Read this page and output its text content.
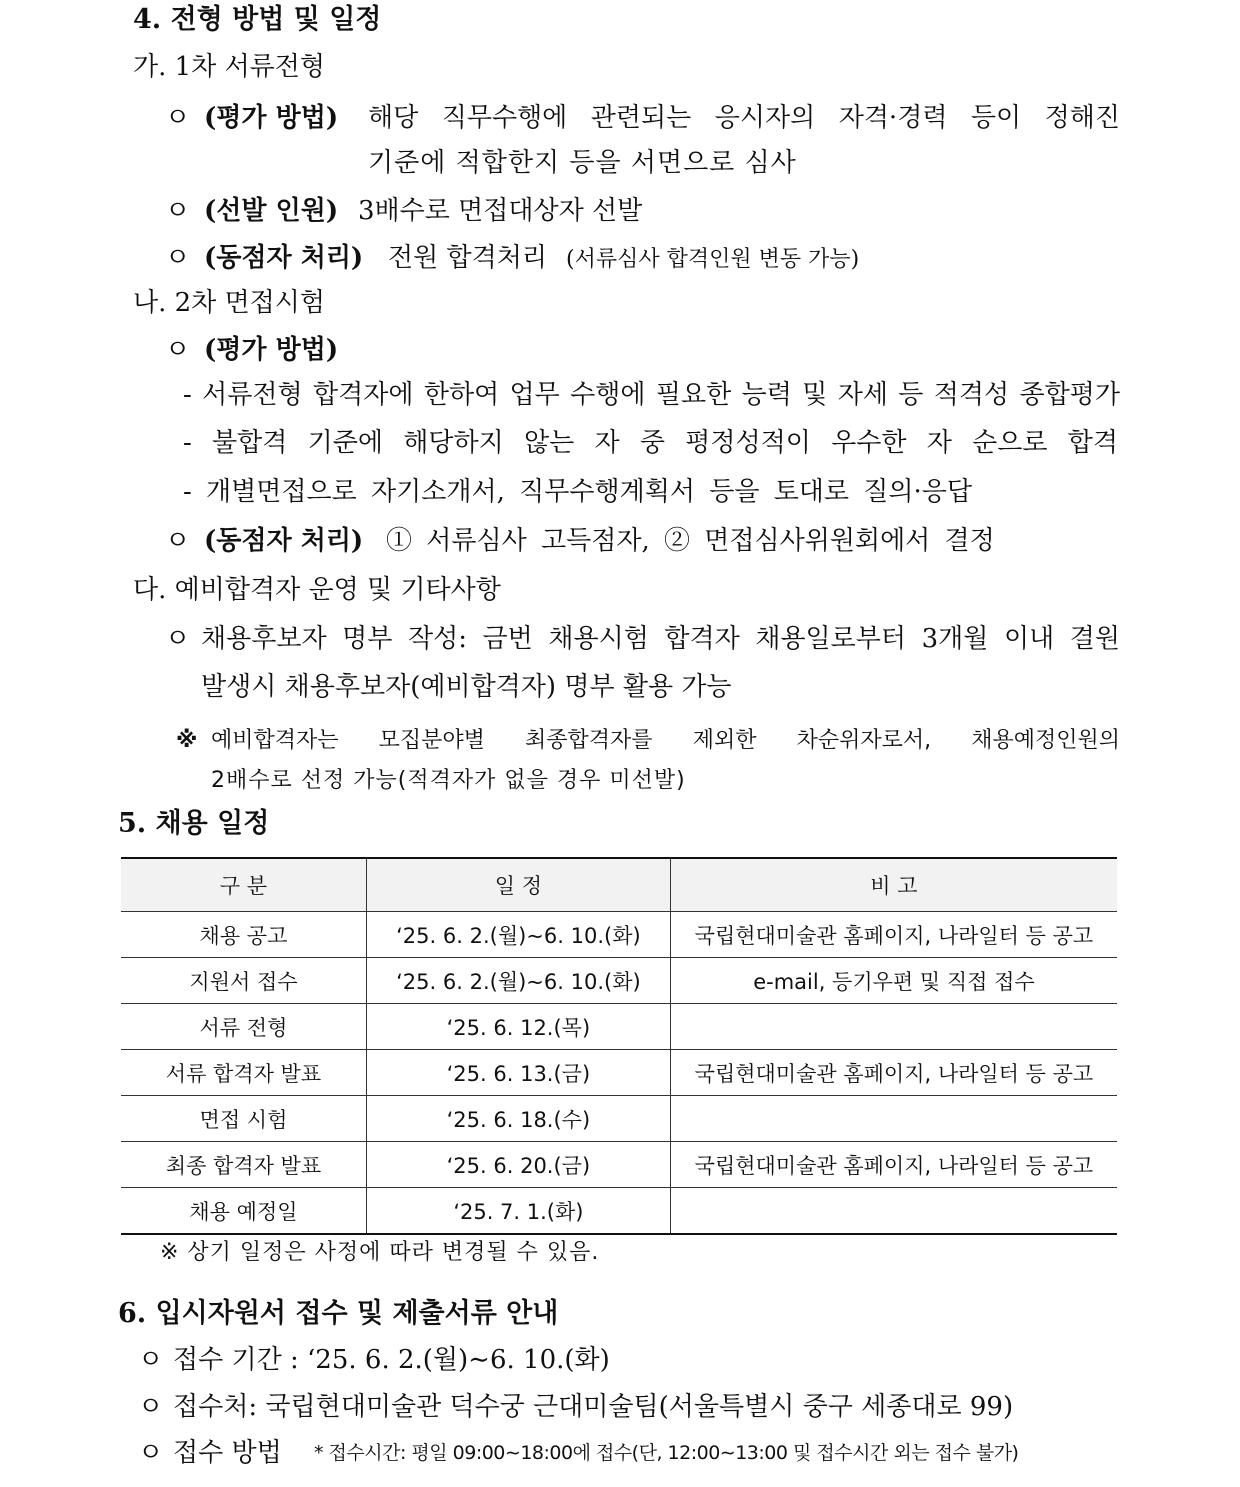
4. 전형 방법 및 일정
가. 1차 서류전형
ㅇ (평가 방법) 해당 직무수행에 관련되는 응시자의 자격·경력 등이 정해진
기준에 적합한지 등을 서면으로 심사
ㅇ (선발 인원) 3배수로 면접대상자 선발
ㅇ (동점자 처리) 전원 합격처리 (서류심사 합격인원 변동 가능)
나. 2차 면접시험
ㅇ (평가 방법)
- 서류전형 합격자에 한하여 업무 수행에 필요한 능력 및 자세 등 적격성 종합평가
- 불합격 기준에 해당하지 않는 자 중 평정성적이 우수한 자 순으로 합격
- 개별면접으로 자기소개서, 직무수행계획서 등을 토대로 질의·응답
ㅇ (동점자 처리) ① 서류심사 고득점자, ② 면접심사위원회에서 결정
다. 예비합격자 운영 및 기타사항
ㅇ 채용후보자 명부 작성: 금번 채용시험 합격자 채용일로부터 3개월 이내 결원
발생시 채용후보자(예비합격자) 명부 활용 가능
※ 예비합격자는 모집분야별 최종합격자를 제외한 차순위자로서, 채용예정인원의
2배수로 선정 가능(적격자가 없을 경우 미선발)
5. 채용 일정
구 분	일 정	비 고
채용 공고	‘25. 6. 2.(월)∼6. 10.(화)	국립현대미술관 홈페이지, 나라일터 등 공고
지원서 접수	‘25. 6. 2.(월)∼6. 10.(화)	e-mail, 등기우편 및 직접 접수
서류 전형	‘25. 6. 12.(목)	
서류 합격자 발표	‘25. 6. 13.(금)	국립현대미술관 홈페이지, 나라일터 등 공고
면접 시험	‘25. 6. 18.(수)	
최종 합격자 발표	‘25. 6. 20.(금)	국립현대미술관 홈페이지, 나라일터 등 공고
채용 예정일	‘25. 7. 1.(화)	
※ 상기 일정은 사정에 따라 변경될 수 있음.
6. 입시자원서 접수 및 제출서류 안내
ㅇ 접수 기간 : ‘25. 6. 2.(월)∼6. 10.(화)
ㅇ 접수처: 국립현대미술관 덕수궁 근대미술팀(서울특별시 중구 세종대로 99)
ㅇ 접수 방법 * 접수시간: 평일 09:00∼18:00에 접수(단, 12:00∼13:00 및 접수시간 외는 접수 불가)
